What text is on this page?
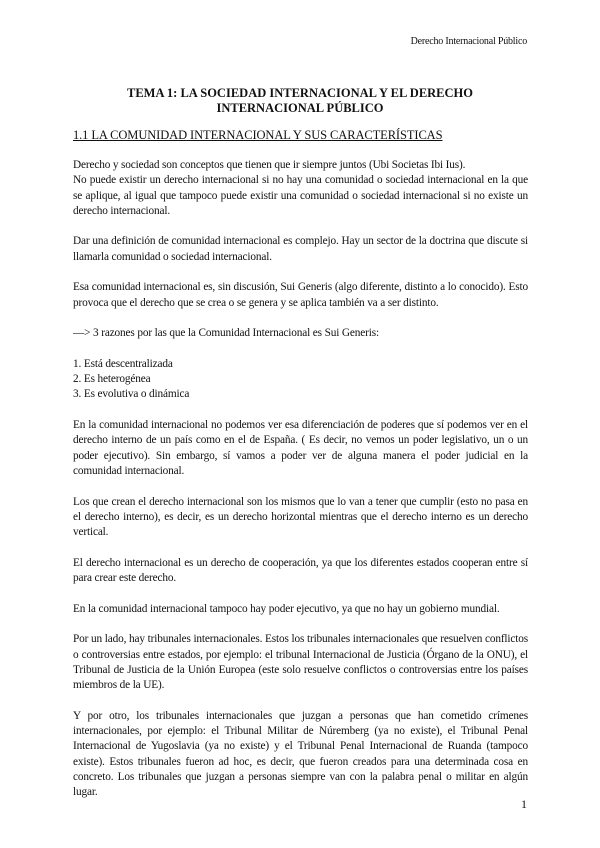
Derecho Internacional Público
TEMA 1: LA SOCIEDAD INTERNACIONAL Y EL DERECHO INTERNACIONAL PÚBLICO
1.1 LA COMUNIDAD INTERNACIONAL Y SUS CARACTERÍSTICAS

Derecho y sociedad son conceptos que tienen que ir siempre juntos (Ubi Societas Ibi Ius).

No puede existir un derecho internacional si no hay una comunidad o sociedad internacional en la que se aplique, al igual que tampoco puede existir una comunidad o sociedad internacional si no existe un derecho internacional.

Dar una definición de comunidad internacional es complejo. Hay un sector de la doctrina que discute si llamarla comunidad o sociedad internacional.

Esa comunidad internacional es, sin discusión, Sui Generis (algo diferente, distinto a lo conocido). Esto provoca que el derecho que se crea o se genera y se aplica también va a ser distinto.

—> 3 razones por las que la Comunidad Internacional es Sui Generis:

1. Está descentralizada
2. Es heterogénea
3. Es evolutiva o dinámica

En la comunidad internacional no podemos ver esa diferenciación de poderes que sí podemos ver en el derecho interno de un país como en el de España. ( Es decir, no vemos un poder legislativo, un o un poder ejecutivo). Sin embargo, sí vamos a poder ver de alguna manera el poder judicial en la comunidad internacional.

Los que crean el derecho internacional son los mismos que lo van a tener que cumplir (esto no pasa en el derecho interno), es decir, es un derecho horizontal mientras que el derecho interno es un derecho vertical.

El derecho internacional es un derecho de cooperación, ya que los diferentes estados cooperan entre sí para crear este derecho.

En la comunidad internacional tampoco hay poder ejecutivo, ya que no hay un gobierno mundial.

Por un lado, hay tribunales internacionales. Estos los tribunales internacionales que resuelven conflictos o controversias entre estados, por ejemplo: el tribunal Internacional de Justicia (Órgano de la ONU), el Tribunal de Justicia de la Unión Europea (este solo resuelve conflictos o controversias entre los países miembros de la UE).

Y por otro, los tribunales internacionales que juzgan a personas que han cometido crímenes internacionales, por ejemplo: el Tribunal Militar de Núremberg (ya no existe), el Tribunal Penal Internacional de Yugoslavia (ya no existe) y el Tribunal Penal Internacional de Ruanda (tampoco existe). Estos tribunales fueron ad hoc, es decir, que fueron creados para una determinada cosa en concreto. Los tribunales que juzgan a personas siempre van con la palabra penal o militar en algún lugar.

1
